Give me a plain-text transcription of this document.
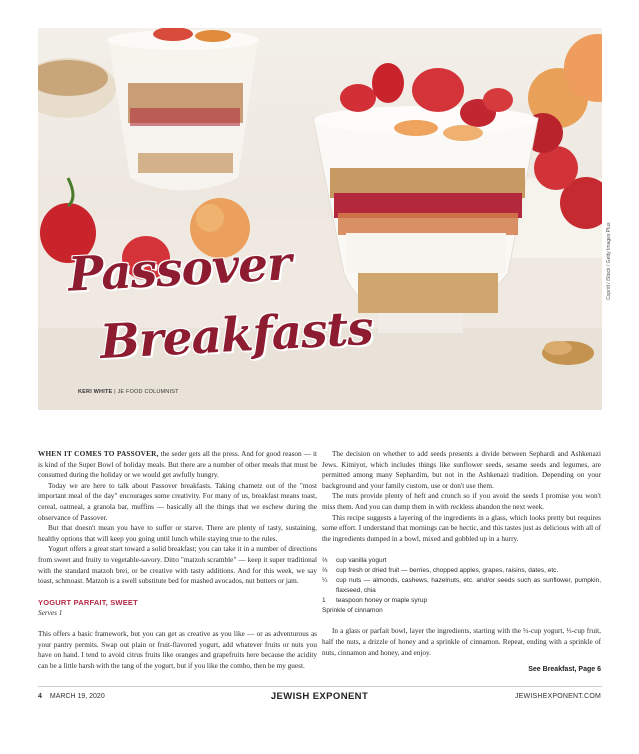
Passover
Breakfasts
KERI WHITE | JE FOOD COLUMNIST
Coprid / iStock / Getty Images Plus

WHEN IT COMES TO PASSOVER, the seder gets all the press. And for good reason — it is kind of the Super Bowl of holiday meals. But there are a number of other meals that must be consumed during the holiday or we would get awfully hungry.

Today we are here to talk about Passover breakfasts. Taking chametz out of the "most important meal of the day" encourages some creativity. For many of us, breakfast means toast, cereal, oatmeal, a granola bar, muffins — basically all the things that we eschew during the observance of Passover.

But that doesn't mean you have to suffer or starve. There are plenty of tasty, sustaining, healthy options that will keep you going until lunch while staying true to the rules.

Yogurt offers a great start toward a solid breakfast; you can take it in a number of directions from sweet and fruity to vegetable-savory. Ditto "matzoh scramble" — keep it super traditional with the standard matzoh brei, or be creative with tasty additions. And for this week, we say toast, schmoast. Matzoh is a swell substitute bed for mashed avocados, nut butters or jam.

YOGURT PARFAIT, SWEET
Serves 1

This offers a basic framework, but you can get as creative as you like — or as adventurous as your pantry permits. Swap out plain or fruit-flavored yogurt, add whatever fruits or nuts you have on hand. I tend to avoid citrus fruits like oranges and grapefruits here because the acidity can be a little harsh with the tang of the yogurt, but if you like the combo, then be my guest.

The decision on whether to add seeds presents a divide between Sephardi and Ashkenazi Jews. Kitniyot, which includes things like sunflower seeds, sesame seeds and legumes, are permitted among many Sephardim, but not in the Ashkenazi tradition. Depending on your background and your family custom, use or don't use them.

The nuts provide plenty of heft and crunch so if you avoid the seeds I promise you won't miss them. And you can dump them in with reckless abandon the next week.

This recipe suggests a layering of the ingredients in a glass, which looks pretty but requires some effort. I understand that mornings can be hectic, and this tastes just as delicious with all of the ingredients dumped in a bowl, mixed and gobbled up in a hurry.

⅔	cup vanilla yogurt
⅔	cup fresh or dried fruit — berries, chopped apples, grapes, raisins, dates, etc.
¼	cup nuts — almonds, cashews, hazelnuts, etc. and/or seeds such as sunflower, pumpkin, flaxseed, chia
1	teaspoon honey or maple syrup
Sprinkle of cinnamon

In a glass or parfait bowl, layer the ingredients, starting with the ⅓-cup yogurt, ⅓-cup fruit, half the nuts, a drizzle of honey and a sprinkle of cinnamon. Repeat, ending with a sprinkle of nuts, cinnamon and honey, and enjoy.

See Breakfast, Page 6
4 MARCH 19, 2020	JEWISH EXPONENT	JEWISHEXPONENT.COM
